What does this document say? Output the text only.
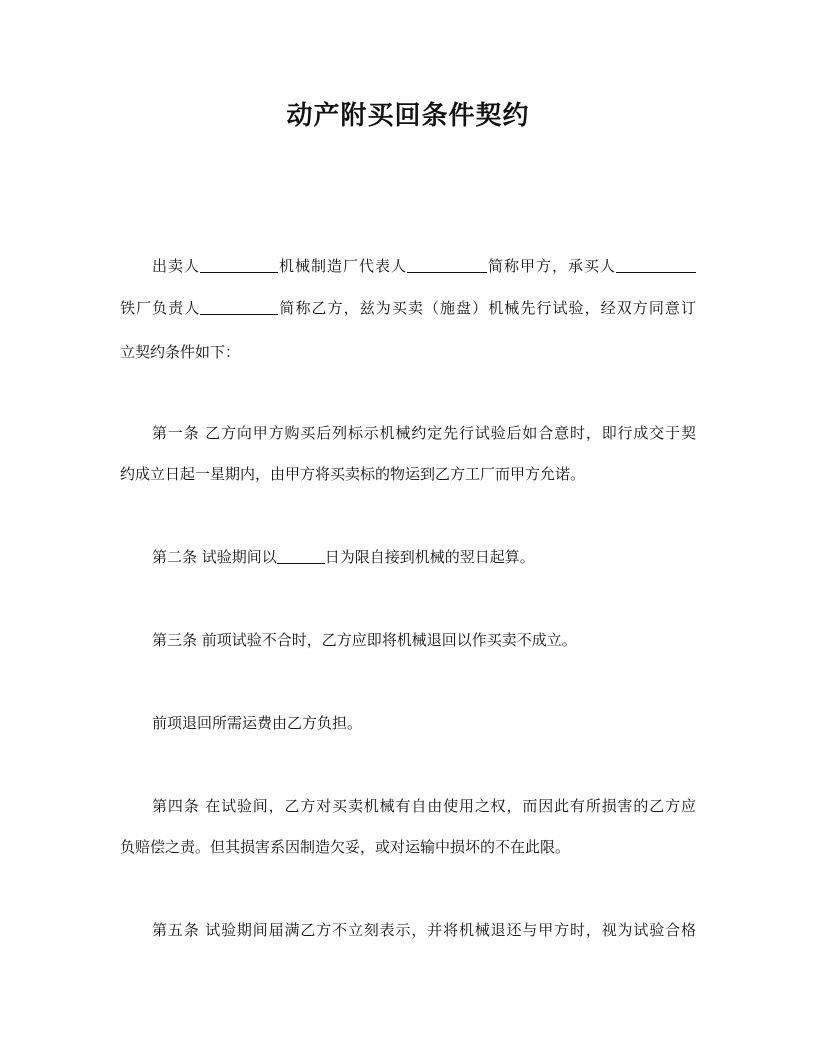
动产附买回条件契约
出卖人	机械制造厂代表人	简称甲方，承买人
铁厂负责人	简称乙方，兹为买卖（施盘）机械先行试验，经双方同意订
立契约条件如下：
第一条 乙方向甲方购买后列标示机械约定先行试验后如合意时，即行成交于契
约成立日起一星期内，由甲方将买卖标的物运到乙方工厂而甲方允诺。
第二条 试验期间以	日为限自接到机械的翌日起算。
第三条 前项试验不合时，乙方应即将机械退回以作买卖不成立。
前项退回所需运费由乙方负担。
第四条 在试验间，乙方对买卖机械有自由使用之权，而因此有所损害的乙方应
负赔偿之责。但其损害系因制造欠妥，或对运输中损坏的不在此限。
第五条 试验期间届满乙方不立刻表示，并将机械退还与甲方时，视为试验合格
